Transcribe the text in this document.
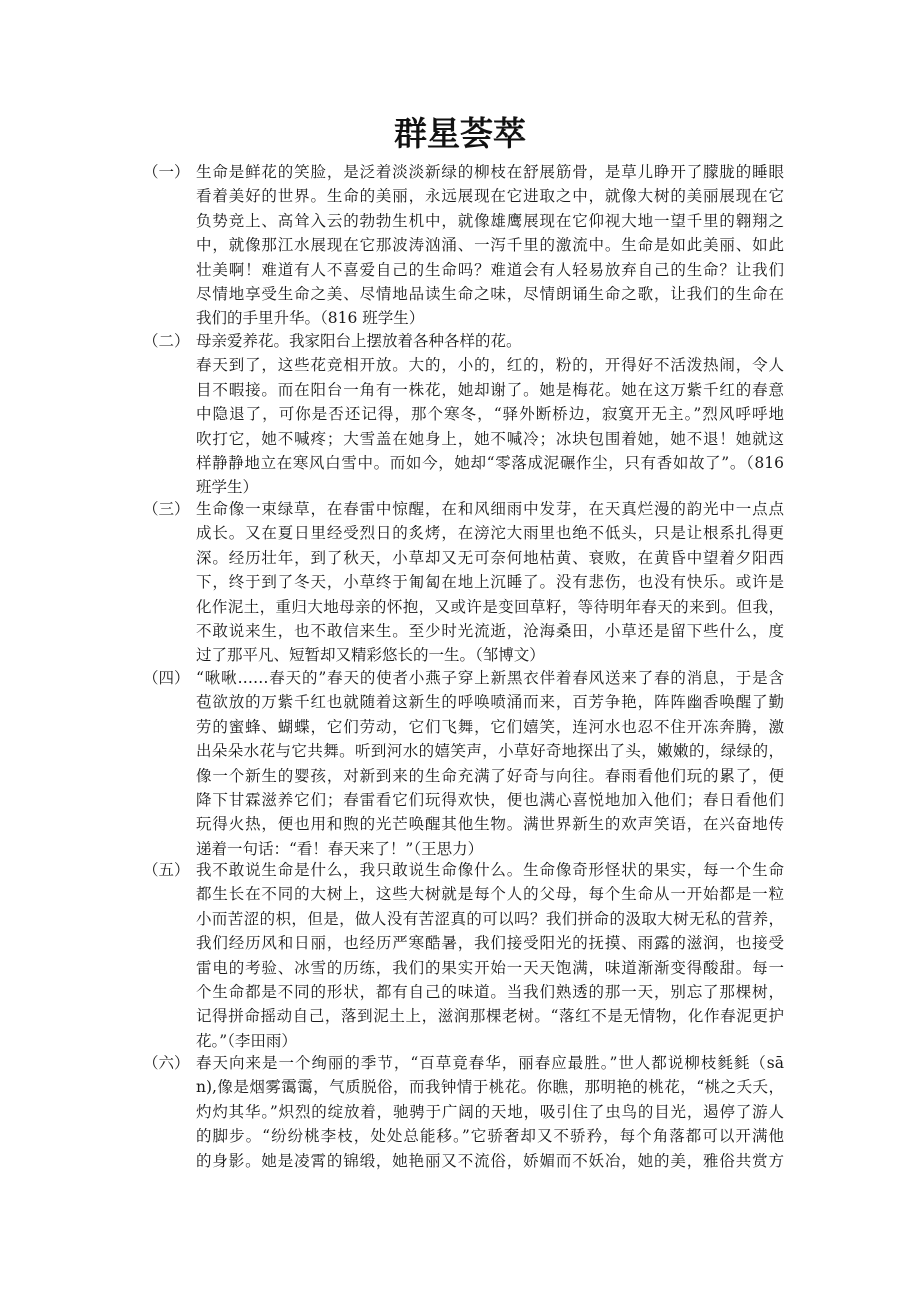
群星荟萃
（一） 生命是鲜花的笑脸，是泛着淡淡新绿的柳枝在舒展筋骨，是草儿睁开了朦胧的睡眼
看着美好的世界。生命的美丽，永远展现在它进取之中，就像大树的美丽展现在它
负势竞上、高耸入云的勃勃生机中，就像雄鹰展现在它仰视大地一望千里的翱翔之
中，就像那江水展现在它那波涛汹涌、一泻千里的激流中。生命是如此美丽、如此
壮美啊！难道有人不喜爱自己的生命吗？难道会有人轻易放弃自己的生命？让我们
尽情地享受生命之美、尽情地品读生命之味，尽情朗诵生命之歌，让我们的生命在
我们的手里升华。（816 班学生）
（二） 母亲爱养花。我家阳台上摆放着各种各样的花。
春天到了，这些花竞相开放。大的，小的，红的，粉的，开得好不活泼热闹，令人
目不暇接。而在阳台一角有一株花，她却谢了。她是梅花。她在这万紫千红的春意
中隐退了，可你是否还记得，那个寒冬，“驿外断桥边，寂寞开无主。”烈风呼呼地
吹打它，她不喊疼；大雪盖在她身上，她不喊冷；冰块包围着她，她不退！她就这
样静静地立在寒风白雪中。而如今，她却“零落成泥碾作尘，只有香如故了”。（816
班学生）
（三） 生命像一束绿草，在春雷中惊醒，在和风细雨中发芽，在天真烂漫的韵光中一点点
成长。又在夏日里经受烈日的炙烤，在滂沱大雨里也绝不低头，只是让根系扎得更
深。经历壮年，到了秋天，小草却又无可奈何地枯黄、衰败，在黄昏中望着夕阳西
下，终于到了冬天，小草终于匍匐在地上沉睡了。没有悲伤，也没有快乐。或许是
化作泥土，重归大地母亲的怀抱，又或许是变回草籽，等待明年春天的来到。但我，
不敢说来生，也不敢信来生。至少时光流逝，沧海桑田，小草还是留下些什么，度
过了那平凡、短暂却又精彩悠长的一生。（邹博文）
（四） “啾啾……春天的”春天的使者小燕子穿上新黑衣伴着春风送来了春的消息，于是含
苞欲放的万紫千红也就随着这新生的呼唤喷涌而来，百芳争艳，阵阵幽香唤醒了勤
劳的蜜蜂、蝴蝶，它们劳动，它们飞舞，它们嬉笑，连河水也忍不住开冻奔腾，激
出朵朵水花与它共舞。听到河水的嬉笑声，小草好奇地探出了头，嫩嫩的，绿绿的，
像一个新生的婴孩，对新到来的生命充满了好奇与向往。春雨看他们玩的累了，便
降下甘霖滋养它们；春雷看它们玩得欢快，便也满心喜悦地加入他们；春日看他们
玩得火热，便也用和煦的光芒唤醒其他生物。满世界新生的欢声笑语，在兴奋地传
递着一句话：“看！春天来了！”（王思力）
（五） 我不敢说生命是什么，我只敢说生命像什么。生命像奇形怪状的果实，每一个生命
都生长在不同的大树上，这些大树就是每个人的父母，每个生命从一开始都是一粒
小而苦涩的枳，但是，做人没有苦涩真的可以吗？我们拼命的汲取大树无私的营养，
我们经历风和日丽，也经历严寒酷暑，我们接受阳光的抚摸、雨露的滋润，也接受
雷电的考验、冰雪的历练，我们的果实开始一天天饱满，味道渐渐变得酸甜。每一
个生命都是不同的形状，都有自己的味道。当我们熟透的那一天，别忘了那棵树，
记得拼命摇动自己，落到泥土上，滋润那棵老树。“落红不是无情物，化作春泥更护
花。”（李田雨）
（六） 春天向来是一个绚丽的季节，“百草竟春华，丽春应最胜。”世人都说柳枝毵毵（sā
n),像是烟雾霭霭，气质脱俗，而我钟情于桃花。你瞧，那明艳的桃花，“桃之夭夭，
灼灼其华。”炽烈的绽放着，驰骋于广阔的天地，吸引住了虫鸟的目光，遏停了游人
的脚步。“纷纷桃李枝，处处总能移。”它骄奢却又不骄矜，每个角落都可以开满他
的身影。她是凌霄的锦缎，她艳丽又不流俗，娇媚而不妖冶，她的美，雅俗共赏方
